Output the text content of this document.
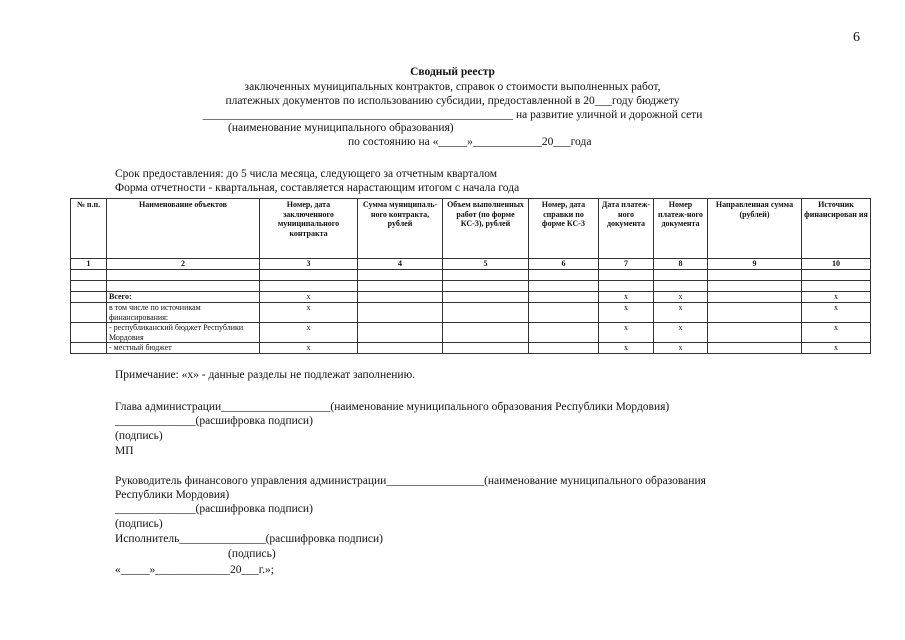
6
Сводный реестр
заключенных муниципальных контрактов, справок о стоимости выполненных работ,
платежных документов по использованию субсидии, предоставленной в 20___году бюджету
______________________________________________________ на развитие уличной и дорожной сети
(наименование муниципального образования)
по состоянию на «_____»____________20___года
Срок предоставления: до 5 числа месяца, следующего за отчетным кварталом
Форма отчетности - квартальная, составляется нарастающим итогом с начала года
№ п.п.	Наименование объектов	Номер, дата заключенного муниципального контракта	Сумма муниципаль-ного контракта, рублей	Объем выполненных работ (по форме КС-3), рублей	Номер, дата справки по форме КС-3	Дата платеж-ного документа	Номер платеж-ного документа	Направленная сумма (рублей)	Источник финансирован ия
1	2	3	4	5	6	7	8	9	10

	Всего:	х				х	х		х
	в том числе по источникам финансирования:	х				х	х		х
	- республиканский бюджет Республики Мордовия	х				х	х		х
	- местный бюджет	х				х	х		х
Примечание: «х» - данные разделы не подлежат заполнению.
Глава администрации___________________(наименование муниципального образования Республики Мордовия)
______________(расшифровка подписи)
(подпись)
МП
Руководитель финансового управления администрации_________________(наименование муниципального образования
Республики Мордовия)
______________(расшифровка подписи)
(подпись)
Исполнитель_______________(расшифровка подписи)
(подпись)
«_____»_____________20___г.»;
